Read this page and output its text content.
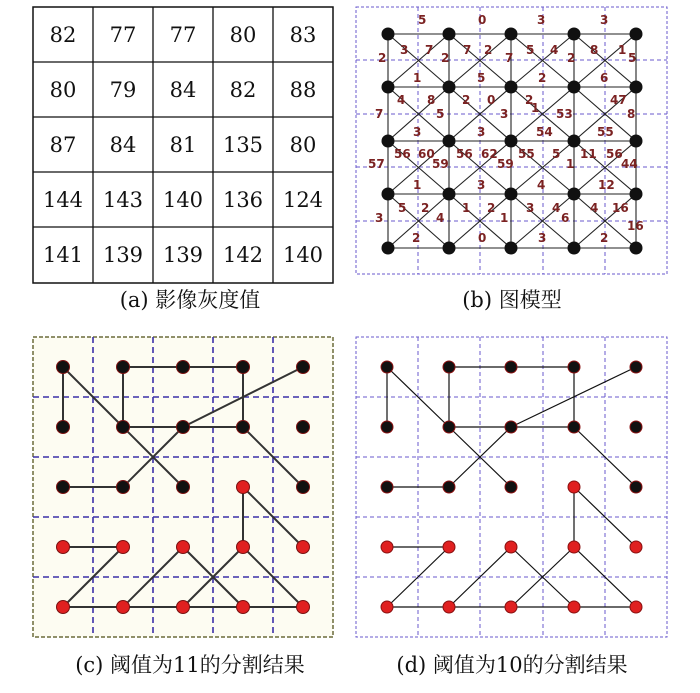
82 77 77 80 83
80 79 84 82 88
87 84 81 135 80
144 143 140 136 124
141 139 139 142 140
(a) 影像灰度值
5	0	3	3
2
3 7
2
7 2
7
5 4
2
8 1
5
1	5	2	6
4 8 2 0 2	47
7	5	3 1 53	8
3	3	54	55
57
56 60 56 62 55 5 11 56
59	59	1	44
1	3	4	12
3
5 2
4
1 2	3 4	16
4
1	6
16
2	0	3	2
(b) 图模型
(c) 阈值为11的分割结果	(d) 阈值为10的分割结果
